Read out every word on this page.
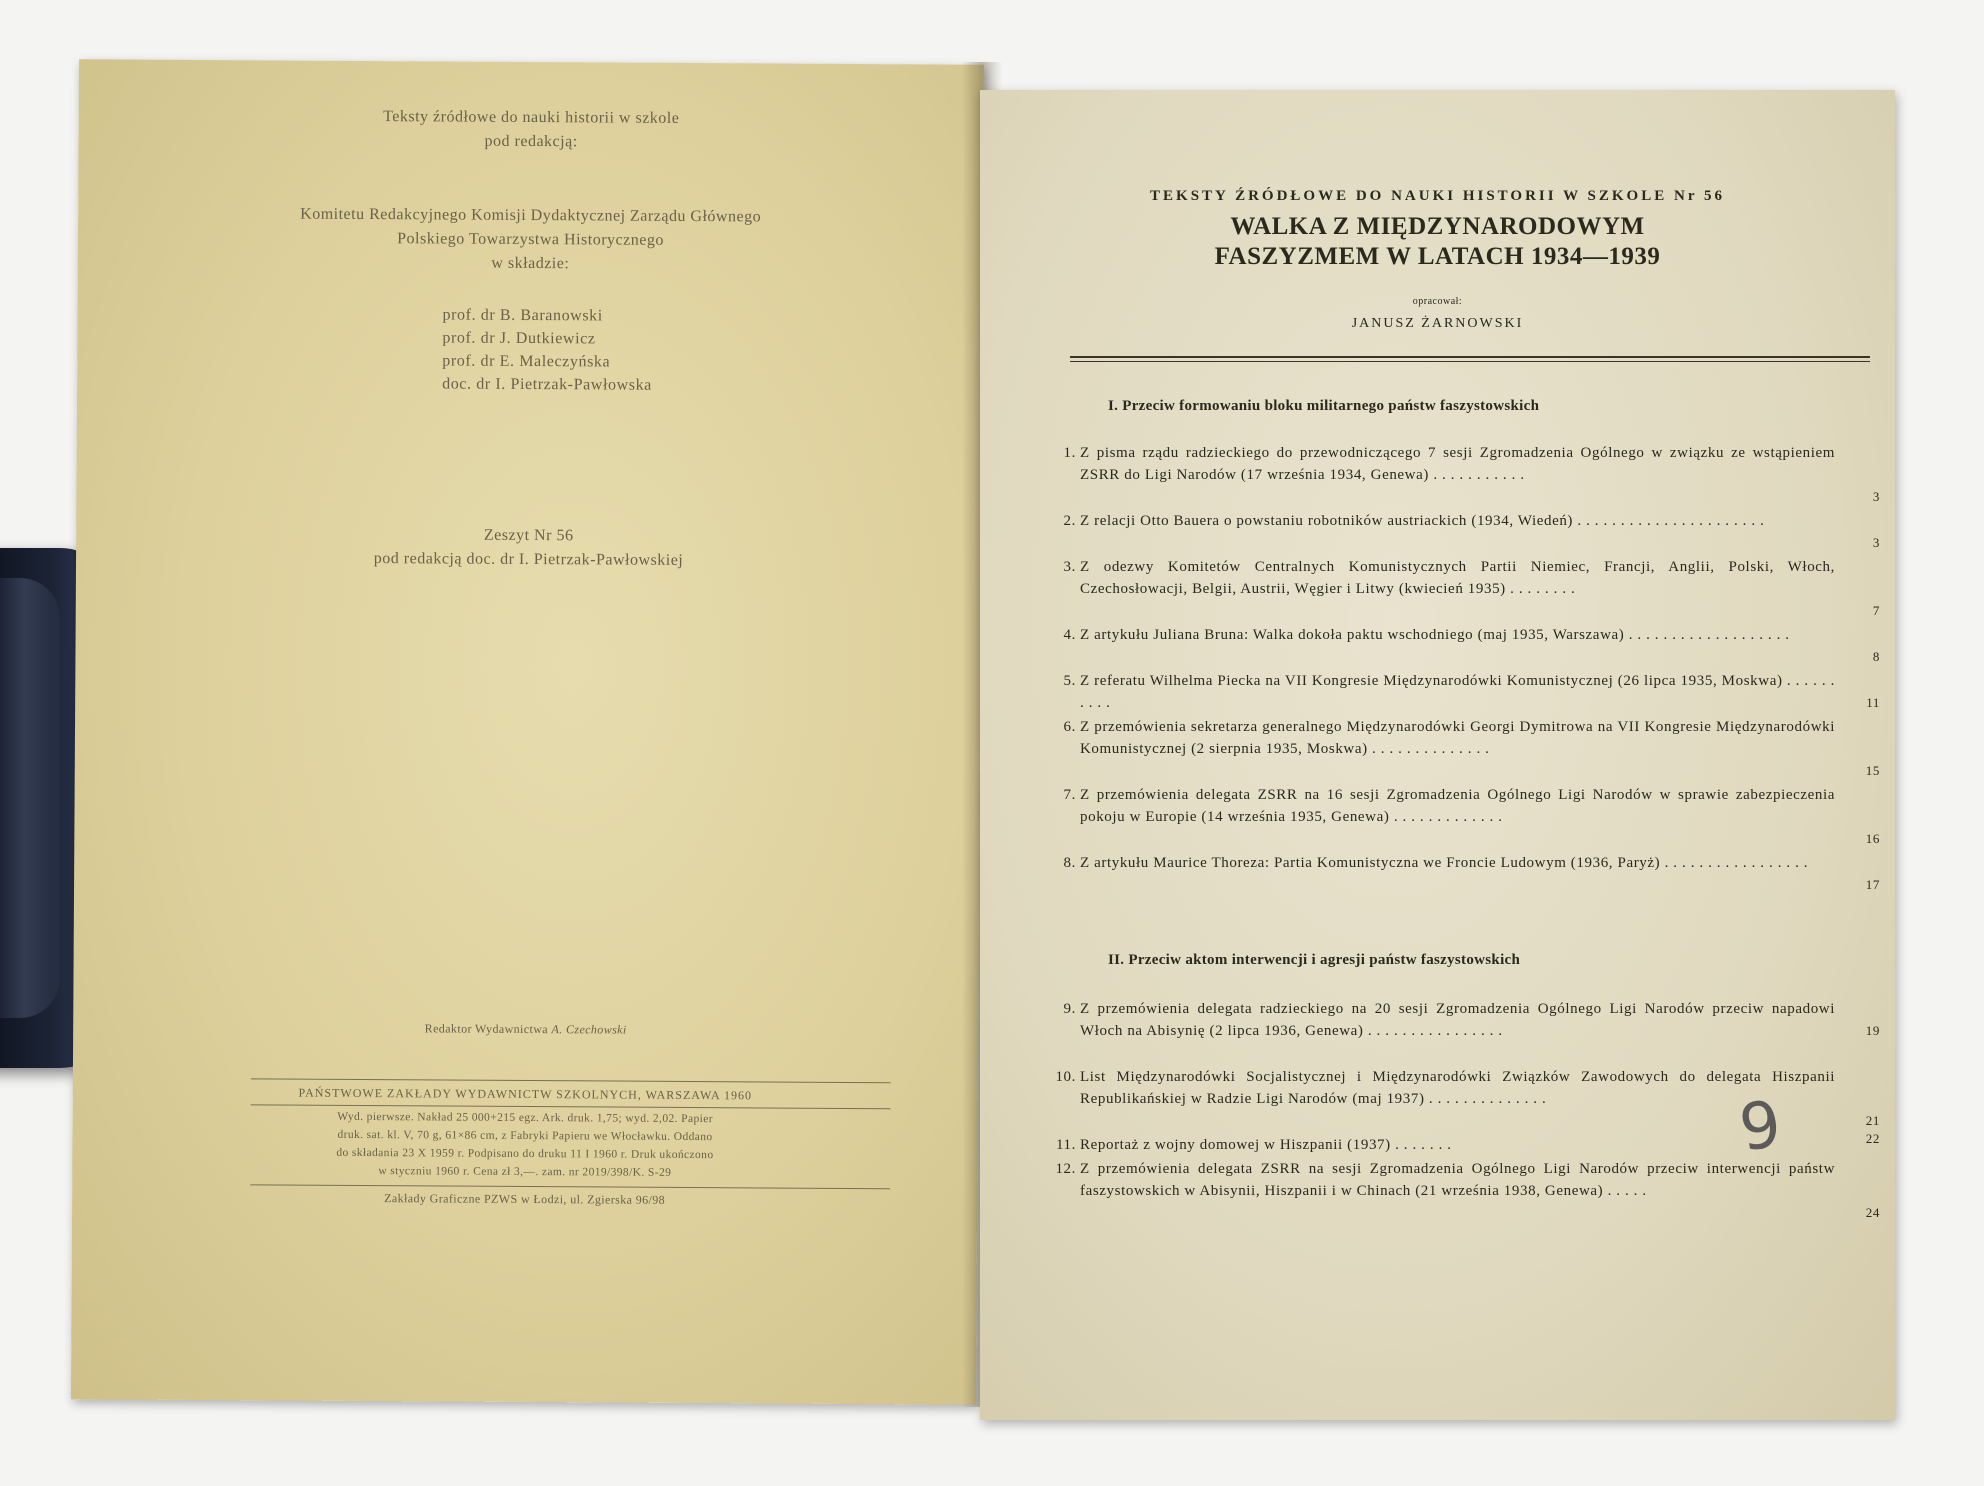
Teksty źródłowe do nauki historii w szkole
pod redakcją:
Komitetu Redakcyjnego Komisji Dydaktycznej Zarządu Głównego
Polskiego Towarzystwa Historycznego
w składzie:
prof. dr B. Baranowski
prof. dr J. Dutkiewicz
prof. dr E. Maleczyńska
doc. dr I. Pietrzak-Pawłowska
Zeszyt Nr 56
pod redakcją doc. dr I. Pietrzak-Pawłowskiej
Redaktor Wydawnictwa A. Czechowski
PAŃSTWOWE ZAKŁADY WYDAWNICTW SZKOLNYCH, WARSZAWA 1960
Wyd. pierwsze. Nakład 25 000+215 egz. Ark. druk. 1,75; wyd. 2,02. Papier
druk. sat. kl. V, 70 g, 61×86 cm, z Fabryki Papieru we Włocławku. Oddano
do składania 23 X 1959 r. Podpisano do druku 11 I 1960 r. Druk ukończono
w styczniu 1960 r. Cena zł 3,—. zam. nr 2019/398/K. S-29
Zakłady Graficzne PZWS w Łodzi, ul. Zgierska 96/98
TEKSTY ŹRÓDŁOWE DO NAUKI HISTORII W SZKOLE Nr 56
WALKA Z MIĘDZYNARODOWYM
FASZYZMEM W LATACH 1934—1939
opracował:
JANUSZ ŻARNOWSKI
I. Przeciw formowaniu bloku militarnego państw faszystowskich
1. Z pisma rządu radzieckiego do przewodniczącego 7 sesji Zgromadzenia Ogólnego w związku ze wstąpieniem ZSRR do Ligi Narodów (17 września 1934, Genewa) . . . . . . . . . . .
3
2. Z relacji Otto Bauera o powstaniu robotników austriackich (1934, Wiedeń) . . . . . . . . . . . . . . . . . . . . . .
3
3. Z odezwy Komitetów Centralnych Komunistycznych Partii Niemiec, Francji, Anglii, Polski, Włoch, Czechosłowacji, Belgii, Austrii, Węgier i Litwy (kwiecień 1935) . . . . . . . .
7
4. Z artykułu Juliana Bruna: Walka dokoła paktu wschodniego (maj 1935, Warszawa) . . . . . . . . . . . . . . . . . . .
8
5. Z referatu Wilhelma Piecka na VII Kongresie Międzynarodówki Komunistycznej (26 lipca 1935, Moskwa) . . . . . . . . . .	11
6. Z przemówienia sekretarza generalnego Międzynarodówki Georgi Dymitrowa na VII Kongresie Międzynarodówki Komunistycznej (2 sierpnia 1935, Moskwa) . . . . . . . . . . . . . .
15
7. Z przemówienia delegata ZSRR na 16 sesji Zgromadzenia Ogólnego Ligi Narodów w sprawie zabezpieczenia pokoju w Europie (14 września 1935, Genewa) . . . . . . . . . . . . .
16
8. Z artykułu Maurice Thoreza: Partia Komunistyczna we Froncie Ludowym (1936, Paryż) . . . . . . . . . . . . . . . . .
17
II. Przeciw aktom interwencji i agresji państw faszystowskich
9. Z przemówienia delegata radzieckiego na 20 sesji Zgromadzenia Ogólnego Ligi Narodów przeciw napadowi Włoch na Abisynię (2 lipca 1936, Genewa) . . . . . . . . . . . . . . . .	19
10. List Międzynarodówki Socjalistycznej i Międzynarodówki Związków Zawodowych do delegata Hiszpanii Republikańskiej w Radzie Ligi Narodów (maj 1937) . . . . . . . . . . . . . .
21
11. Reportaż z wojny domowej w Hiszpanii (1937) . . . . . . .	22
12. Z przemówienia delegata ZSRR na sesji Zgromadzenia Ogólnego Ligi Narodów przeciw interwencji państw faszystowskich w Abisynii, Hiszpanii i w Chinach (21 września 1938, Genewa) . . . . .
24
9
